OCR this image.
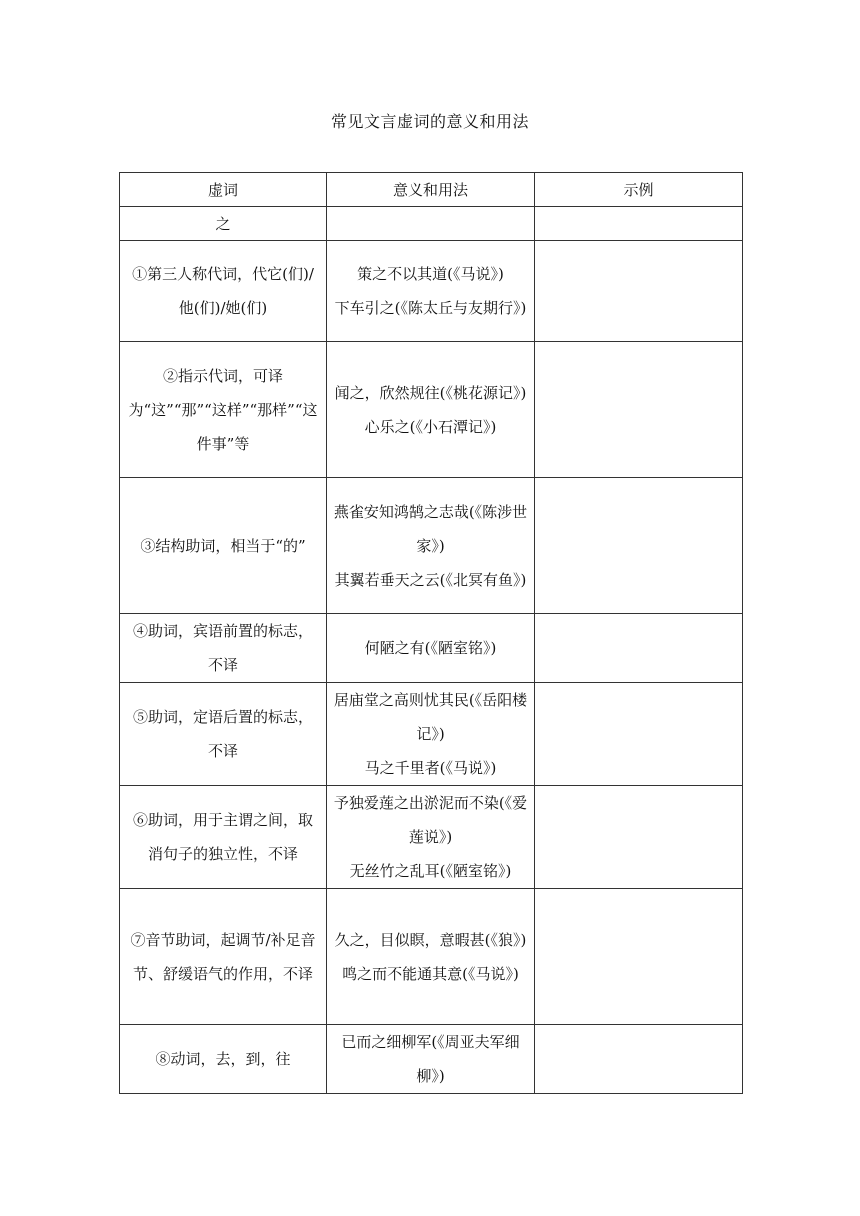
常见文言虚词的意义和用法
虚词	意义和用法	示例
之		

①第三人称代词，代它(们)/他(们)/她(们)	策之不以其道(《马说》)
下车引之(《陈太丘与友期行》)	

②指示代词，可译为“这”“那”“这样”“那样”“这件事”等	闻之，欣然规往(《桃花源记》)
心乐之(《小石潭记》)	

③结构助词，相当于“的”	燕雀安知鸿鹄之志哉(《陈涉世家》)
其翼若垂天之云(《北冥有鱼》)	

④助词，宾语前置的标志，不译	何陋之有(《陋室铭》)	

⑤助词，定语后置的标志，不译	居庙堂之高则忧其民(《岳阳楼记》)
马之千里者(《马说》)	

⑥助词，用于主谓之间，取消句子的独立性，不译	予独爱莲之出淤泥而不染(《爱莲说》)
无丝竹之乱耳(《陋室铭》)	

⑦音节助词，起调节/补足音节、舒缓语气的作用，不译	久之，目似瞑，意暇甚(《狼》)
鸣之而不能通其意(《马说》)	

⑧动词，去，到，往	已而之细柳军(《周亚夫军细柳》)	
